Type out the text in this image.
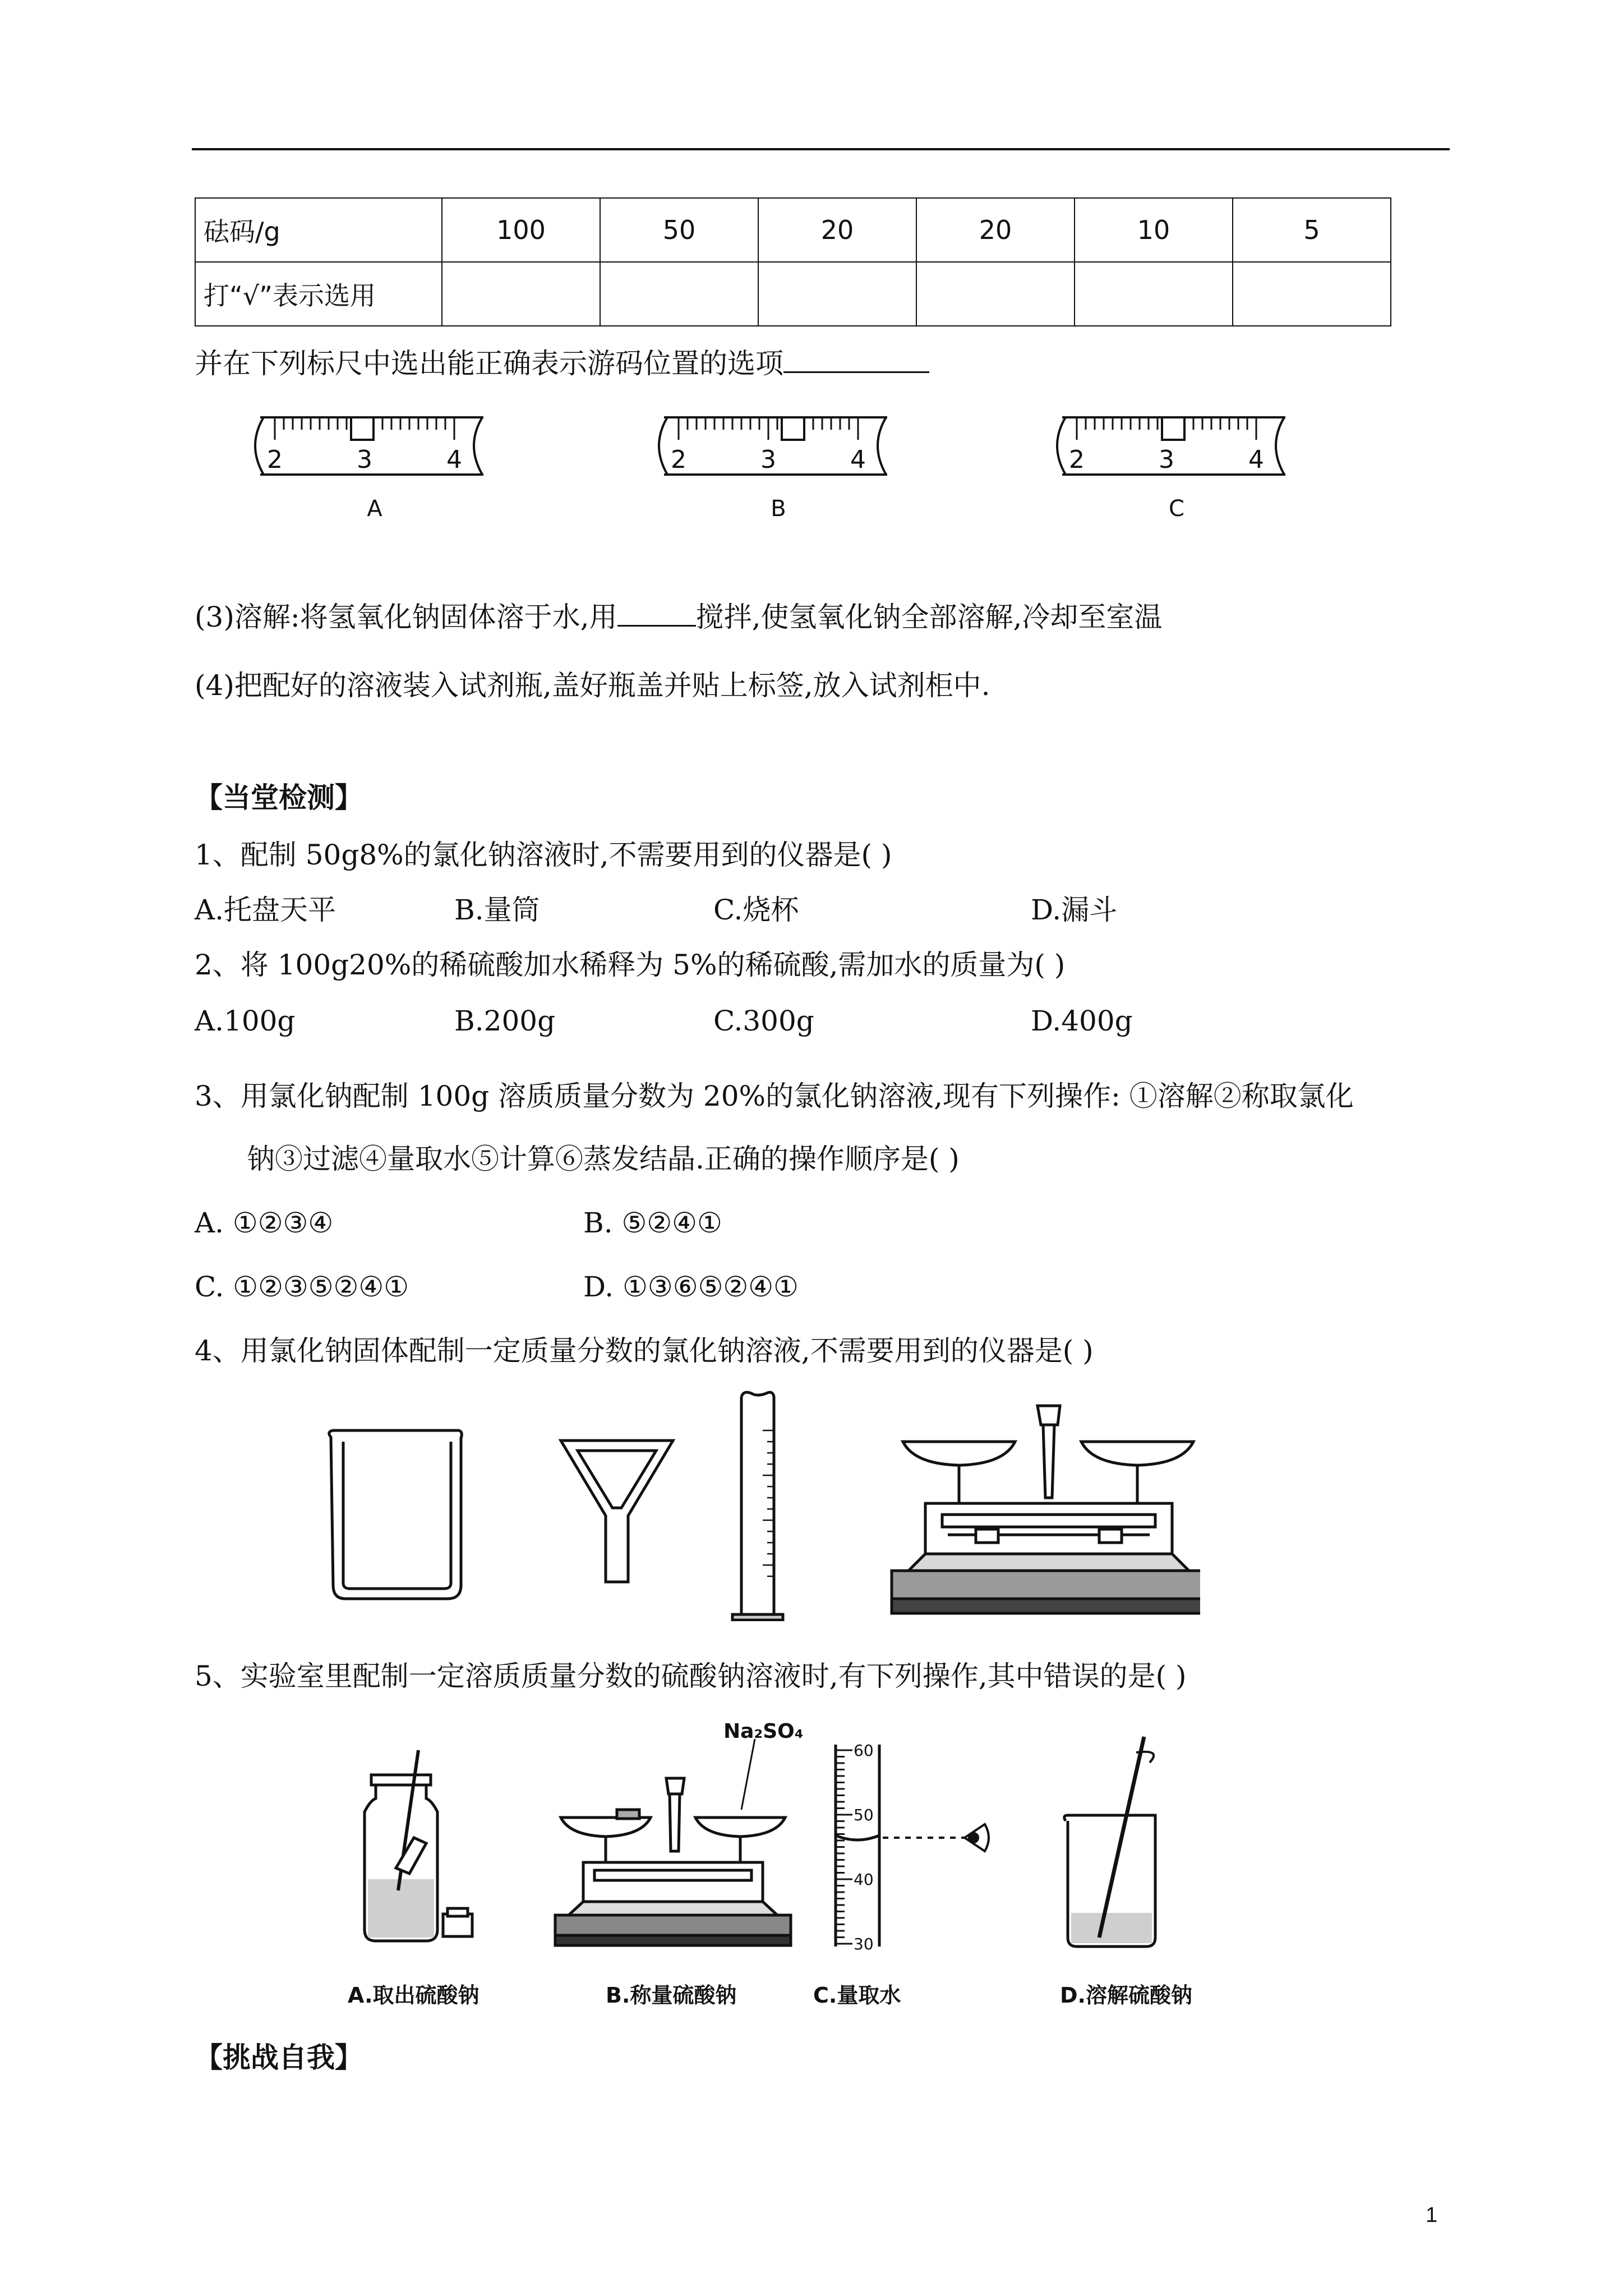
砝码/g	100	50	20	20	10	5
打“√”表示选用						
并在下列标尺中选出能正确表示游码位置的选项
2	3	4
A
2	3	4
B
2	3	4
C
(3)溶解:将氢氧化钠固体溶于水,用	搅拌,使氢氧化钠全部溶解,冷却至室温
(4)把配好的溶液装入试剂瓶,盖好瓶盖并贴上标签,放入试剂柜中.
【当堂检测】
1、配制 50g8%的氯化钠溶液时,不需要用到的仪器是( )
A.托盘天平	B.量筒	C.烧杯	D.漏斗
2、将 100g20%的稀硫酸加水稀释为 5%的稀硫酸,需加水的质量为( )
A.100g	B.200g	C.300g	D.400g
3、用氯化钠配制 100g 溶质质量分数为 20%的氯化钠溶液,现有下列操作: ①溶解②称取氯化
钠③过滤④量取水⑤计算⑥蒸发结晶.正确的操作顺序是( )
A. ①②③④	B. ⑤②④①
C. ①②③⑤②④①	D. ①③⑥⑤②④①
4、用氯化钠固体配制一定质量分数的氯化钠溶液,不需要用到的仪器是( )
5、实验室里配制一定溶质质量分数的硫酸钠溶液时,有下列操作,其中错误的是( )
Na₂SO₄
60
50
40
30
A.取出硫酸钠	B.称量硫酸钠	C.量取水	D.溶解硫酸钠
【挑战自我】
1
